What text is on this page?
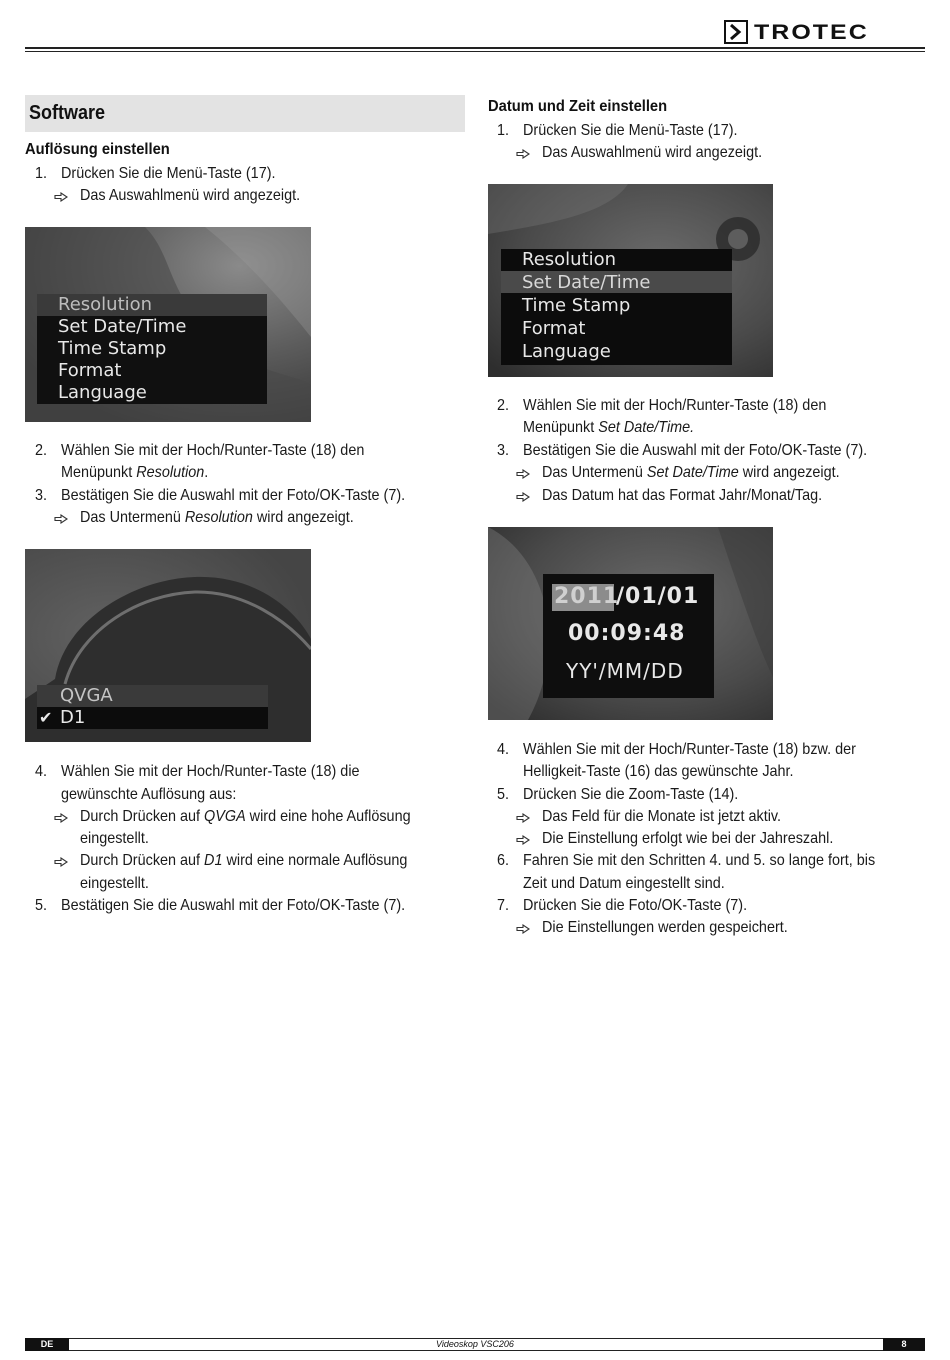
TROTEC
Software
Auflösung einstellen
1. Drücken Sie die Menü-Taste (17).
Das Auswahlmenü wird angezeigt.
Resolution
Set Date/Time
Time Stamp
Format
Language
2. Wählen Sie mit der Hoch/Runter-Taste (18) den
Menüpunkt Resolution.
3. Bestätigen Sie die Auswahl mit der Foto/OK-Taste (7).
Das Untermenü Resolution wird angezeigt.
QVGA
✔ D1
4. Wählen Sie mit der Hoch/Runter-Taste (18) die
gewünschte Auflösung aus:
Durch Drücken auf QVGA wird eine hohe Auflösung
eingestellt.
Durch Drücken auf D1 wird eine normale Auflösung
eingestellt.
5. Bestätigen Sie die Auswahl mit der Foto/OK-Taste (7).
Datum und Zeit einstellen
1. Drücken Sie die Menü-Taste (17).
Das Auswahlmenü wird angezeigt.
Resolution
Set Date/Time
Time Stamp
Format
Language
2. Wählen Sie mit der Hoch/Runter-Taste (18) den
Menüpunkt Set Date/Time.
3. Bestätigen Sie die Auswahl mit der Foto/OK-Taste (7).
Das Untermenü Set Date/Time wird angezeigt.
Das Datum hat das Format Jahr/Monat/Tag.
2011
/01/01
00:09:48
YY'/MM/DD
4. Wählen Sie mit der Hoch/Runter-Taste (18) bzw. der
Helligkeit-Taste (16) das gewünschte Jahr.
5. Drücken Sie die Zoom-Taste (14).
Das Feld für die Monate ist jetzt aktiv.
Die Einstellung erfolgt wie bei der Jahreszahl.
6. Fahren Sie mit den Schritten 4. und 5. so lange fort, bis
Zeit und Datum eingestellt sind.
7. Drücken Sie die Foto/OK-Taste (7).
Die Einstellungen werden gespeichert.
Videoskop VSC206
DE	8
